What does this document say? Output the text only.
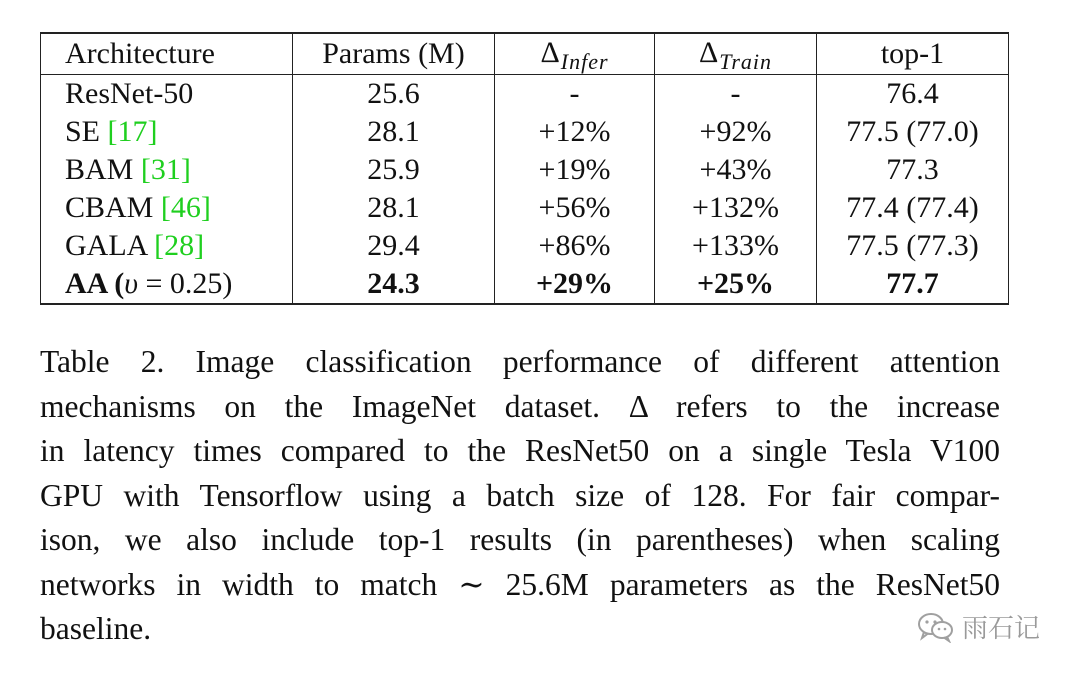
Architecture	Params (M)	$\Delta_{Infer}$	$\Delta_{Train}$	top-1
ResNet-50	25.6	-	-	76.4
SE [17]	28.1	+12%	+92%	77.5 (77.0)
BAM [31]	25.9	+19%	+43%	77.3
CBAM [46]	28.1	+56%	+132%	77.4 (77.4)
GALA [28]	29.4	+86%	+133%	77.5 (77.3)
AA (υ = 0.25)	24.3	+29%	+25%	77.7
Table 2. Image classification performance of different attention
mechanisms on the ImageNet dataset. Δ refers to the increase
in latency times compared to the ResNet50 on a single Tesla V100
GPU with Tensorflow using a batch size of 128. For fair compar-
ison, we also include top-1 results (in parentheses) when scaling
networks in width to match ∼ 25.6M parameters as the ResNet50
baseline.	雨石记
